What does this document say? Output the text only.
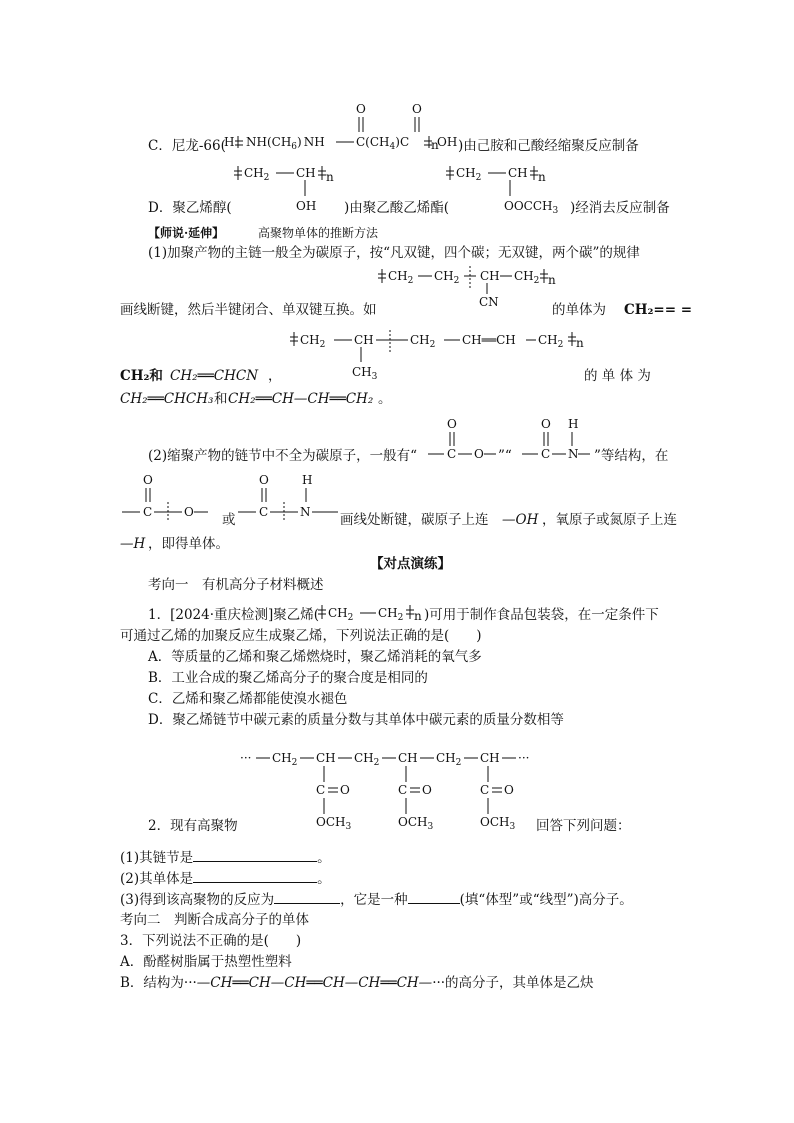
C．尼龙-66(
H $NH(CH_6)$ NH
O
$C(CH_4)C$
O
n
OH )由己胺和己酸经缩聚反应制备
D．聚乙烯醇(
$CH_2$ CH n
OH )由聚乙酸乙烯酯(
$CH_2$ CH n
$OOCCH_3$ )经消去反应制备
【师说·延伸】	高聚物单体的推断方法
(1)加聚产物的主链一般全为碳原子，按“凡双键，四个碳；无双键，两个碳”的规律
$CH_2$ $CH_2$ CH $CH_2$ n
CN
画线断键，然后半键闭合、单双键互换。如	的单体为 CH₂== =
$CH_2$ CH	$CH_2$ CH══CH $CH_2$ n
$CH_3$
CH₂和 CH₂══CHCN ，	的 单 体 为
CH₂══CHCH₃ 和 CH₂══CH—CH══CH₂ 。
(2)缩聚产物的链节中不全为碳原子，一般有“
O
C O ”“
O H
C N ”等结构，在
O
C	O 或
O	H
C	N 画线处断键，碳原子上连 —OH ，氧原子或氮原子上连
—H ，即得单体。
【对点演练】
考向一　有机高分子材料概述
1．[2024·重庆检测]聚乙烯( $CH_2$ $CH_2$ n )可用于制作食品包装袋，在一定条件下
可通过乙烯的加聚反应生成聚乙烯，下列说法正确的是(　　)
A．等质量的乙烯和聚乙烯燃烧时，聚乙烯消耗的氧气多
B．工业合成的聚乙烯高分子的聚合度是相同的
C．乙烯和聚乙烯都能使溴水褪色
D．聚乙烯链节中碳元素的质量分数与其单体中碳元素的质量分数相等
··· $CH_2$ CH $CH_2$ CH $CH_2$ CH ···
C O
$OCH_3$
C O
$OCH_3$
C O
$OCH_3$
2．现有高聚物	回答下列问题：
(1)其链节是	。
(2)其单体是	。
(3)得到该高聚物的反应为	，它是一种	(填“体型”或“线型”)高分子。
考向二　判断合成高分子的单体
3．下列说法不正确的是(　　)
A．酚醛树脂属于热塑性塑料
B．结构为···—CH══CH—CH══CH—CH══CH—···的高分子，其单体是乙炔
